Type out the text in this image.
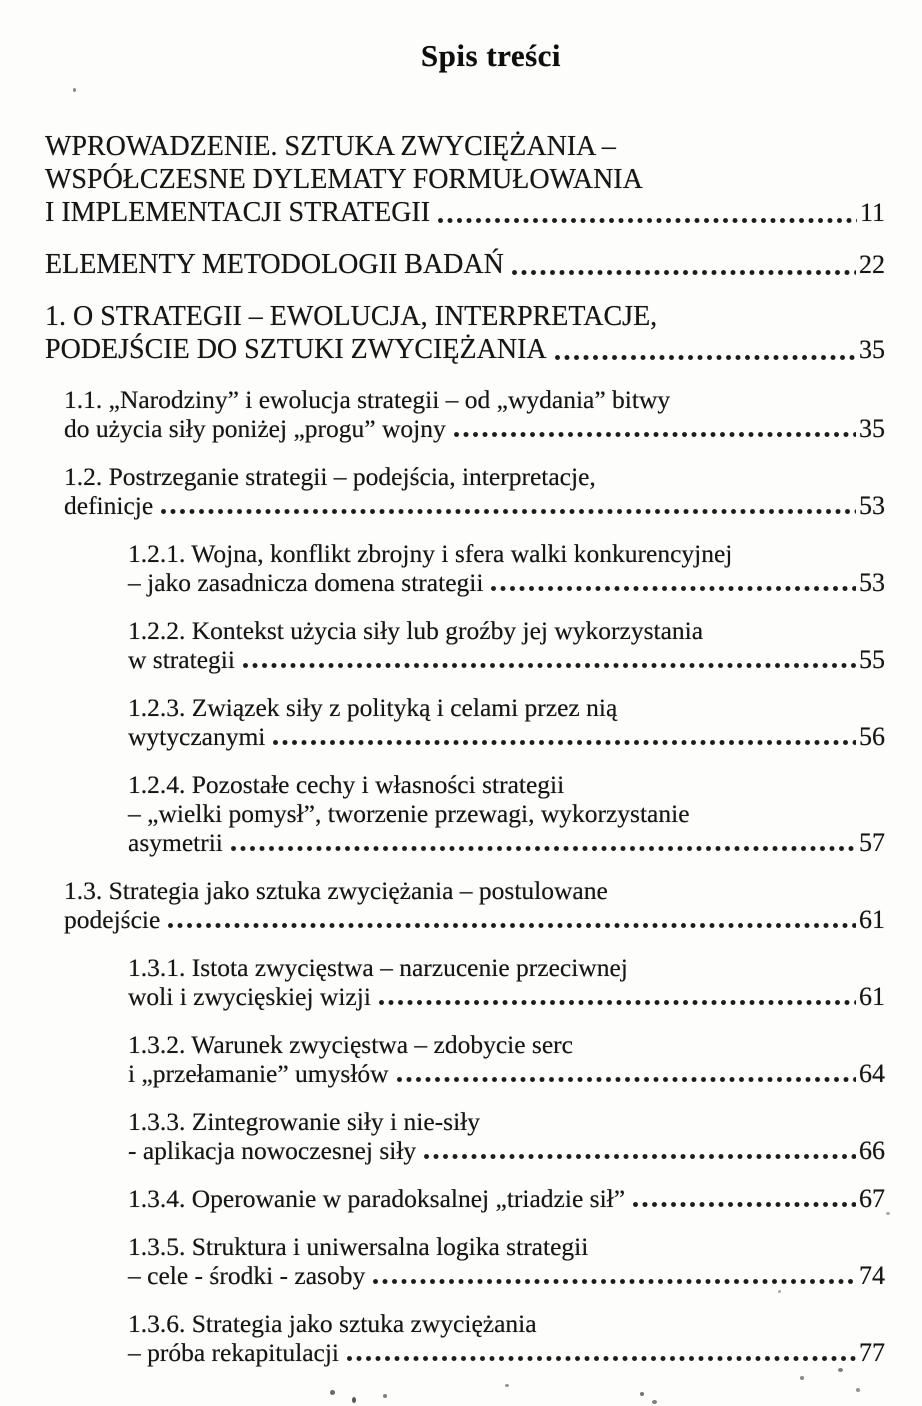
Spis treści
WPROWADZENIE. SZTUKA ZWYCIĘŻANIA –
WSPÓŁCZESNE DYLEMATY FORMUŁOWANIA
I IMPLEMENTACJI STRATEGII	11
ELEMENTY METODOLOGII BADAŃ	22
1. O STRATEGII – EWOLUCJA, INTERPRETACJE,
PODEJŚCIE DO SZTUKI ZWYCIĘŻANIA	35
1.1. „Narodziny” i ewolucja strategii – od „wydania” bitwy
do użycia siły poniżej „progu” wojny	35
1.2. Postrzeganie strategii – podejścia, interpretacje,
definicje	53
1.2.1. Wojna, konflikt zbrojny i sfera walki konkurencyjnej
– jako zasadnicza domena strategii	53
1.2.2. Kontekst użycia siły lub groźby jej wykorzystania
w strategii	55
1.2.3. Związek siły z polityką i celami przez nią
wytyczanymi	56
1.2.4. Pozostałe cechy i własności strategii
– „wielki pomysł”, tworzenie przewagi, wykorzystanie
asymetrii	57
1.3. Strategia jako sztuka zwyciężania – postulowane
podejście	61
1.3.1. Istota zwycięstwa – narzucenie przeciwnej
woli i zwycięskiej wizji	61
1.3.2. Warunek zwycięstwa – zdobycie serc
i „przełamanie” umysłów	64
1.3.3. Zintegrowanie siły i nie-siły
- aplikacja nowoczesnej siły	66
1.3.4. Operowanie w paradoksalnej „triadzie sił”	67
1.3.5. Struktura i uniwersalna logika strategii
– cele - środki - zasoby	74
1.3.6. Strategia jako sztuka zwyciężania
– próba rekapitulacji	77
